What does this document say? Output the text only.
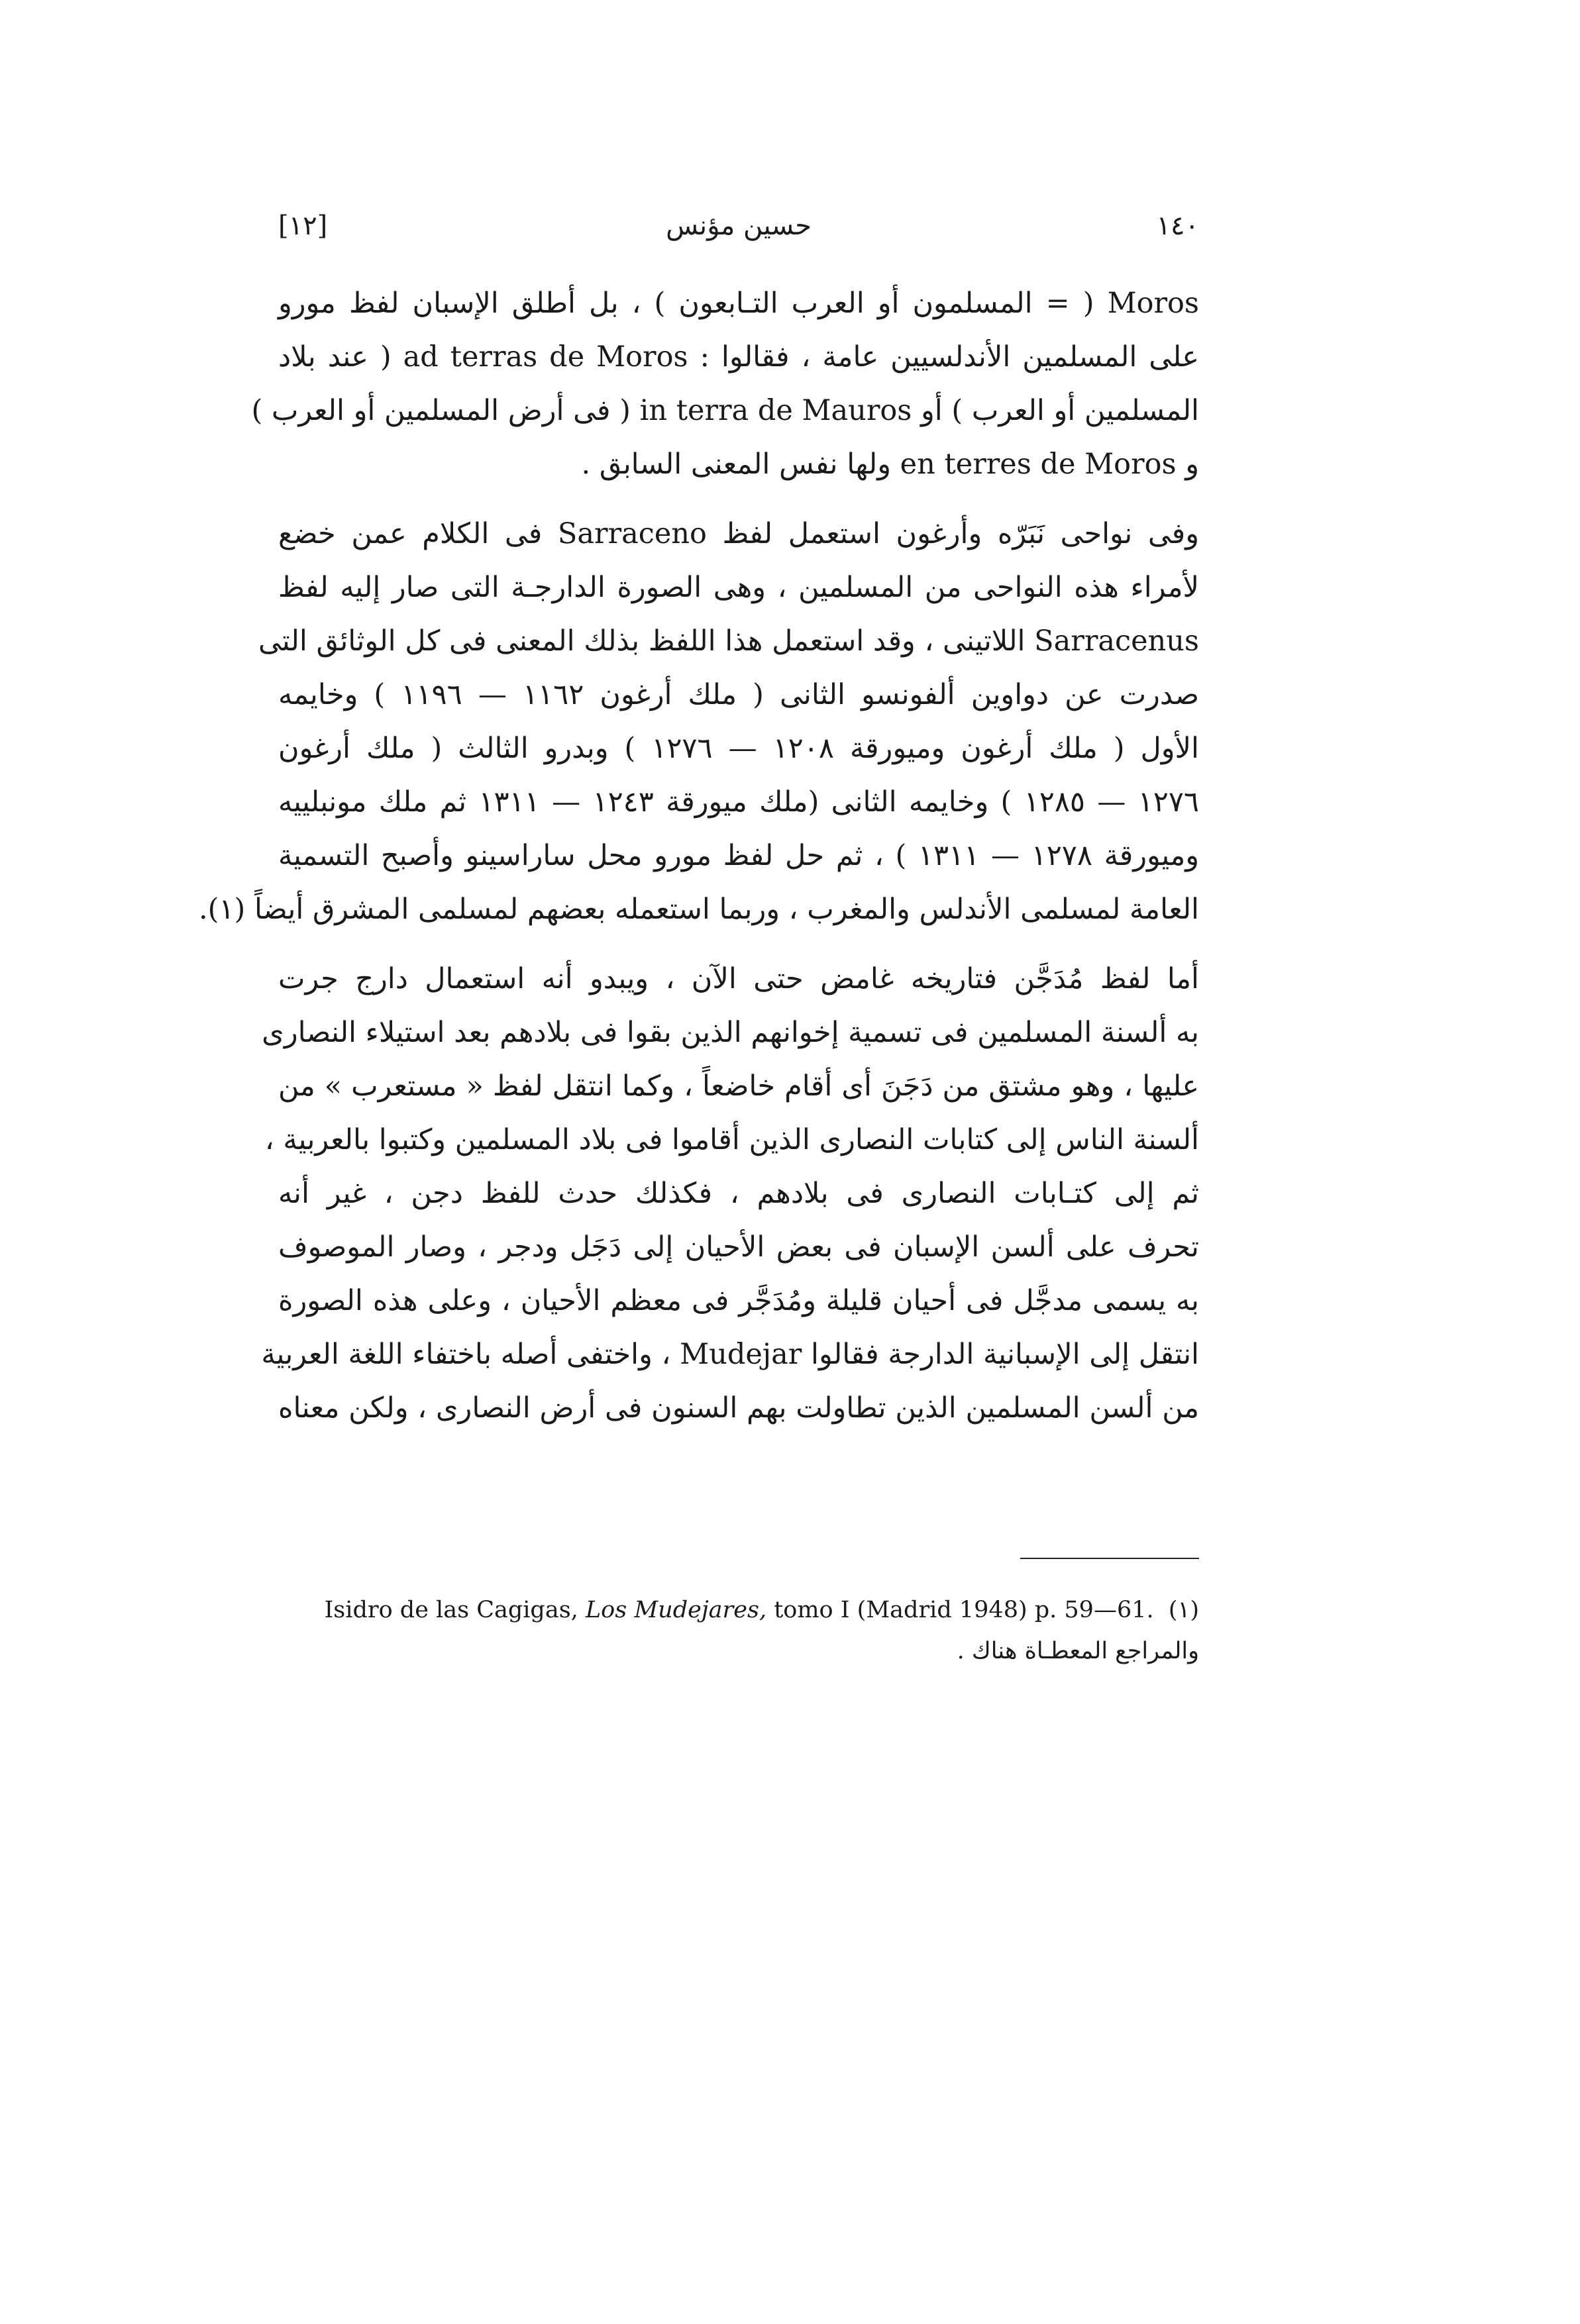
[١٢]	حسين مؤنس	١٤٠
Moros ( = المسلمون أو العرب التـابعون ) ، بل أطلق الإسبان لفظ مورو
على المسلمين الأندلسيين عامة ، فقالوا : ad terras de Moros ( عند بلاد
المسلمين أو العرب ) أو in terra de Mauros ( فى أرض المسلمين أو العرب )
و en terres de Moros ولها نفس المعنى السابق .
وفى نواحى نَبَرّه وأرغون استعمل لفظ Sarraceno فى الكلام عمن خضع
لأمراء هذه النواحى من المسلمين ، وهى الصورة الدارجـة التى صار إليه لفظ
Sarracenus اللاتينى ، وقد استعمل هذا اللفظ بذلك المعنى فى كل الوثائق التى
صدرت عن دواوين ألفونسو الثانى ( ملك أرغون ١١٦٢ — ١١٩٦ ) وخايمه
الأول ( ملك أرغون وميورقة ١٢٠٨ — ١٢٧٦ ) وبدرو الثالث ( ملك أرغون
١٢٧٦ — ١٢٨٥ ) وخايمه الثانى (ملك ميورقة ١٢٤٣ — ١٣١١ ثم ملك مونبلييه
وميورقة ١٢٧٨ — ١٣١١ ) ، ثم حل لفظ مورو محل ساراسينو وأصبح التسمية
العامة لمسلمى الأندلس والمغرب ، وربما استعمله بعضهم لمسلمى المشرق أيضاً (١).
أما لفظ مُدَجَّن فتاريخه غامض حتى الآن ، ويبدو أنه استعمال دارج جرت
به ألسنة المسلمين فى تسمية إخوانهم الذين بقوا فى بلادهم بعد استيلاء النصارى
عليها ، وهو مشتق من دَجَنَ أى أقام خاضعاً ، وكما انتقل لفظ « مستعرب » من
ألسنة الناس إلى كتابات النصارى الذين أقاموا فى بلاد المسلمين وكتبوا بالعربية ،
ثم إلى كتـابات النصارى فى بلادهم ، فكذلك حدث للفظ دجن ، غير أنه
تحرف على ألسن الإسبان فى بعض الأحيان إلى دَجَل ودجر ، وصار الموصوف
به يسمى مدجَّل فى أحيان قليلة ومُدَجَّر فى معظم الأحيان ، وعلى هذه الصورة
انتقل إلى الإسبانية الدارجة فقالوا Mudejar ، واختفى أصله باختفاء اللغة العربية
من ألسن المسلمين الذين تطاولت بهم السنون فى أرض النصارى ، ولكن معناه
Isidro de las Cagigas, Los Mudejares, tomo I (Madrid 1948) p. 59—61. (١)
والمراجع المعطـاة هناك .
